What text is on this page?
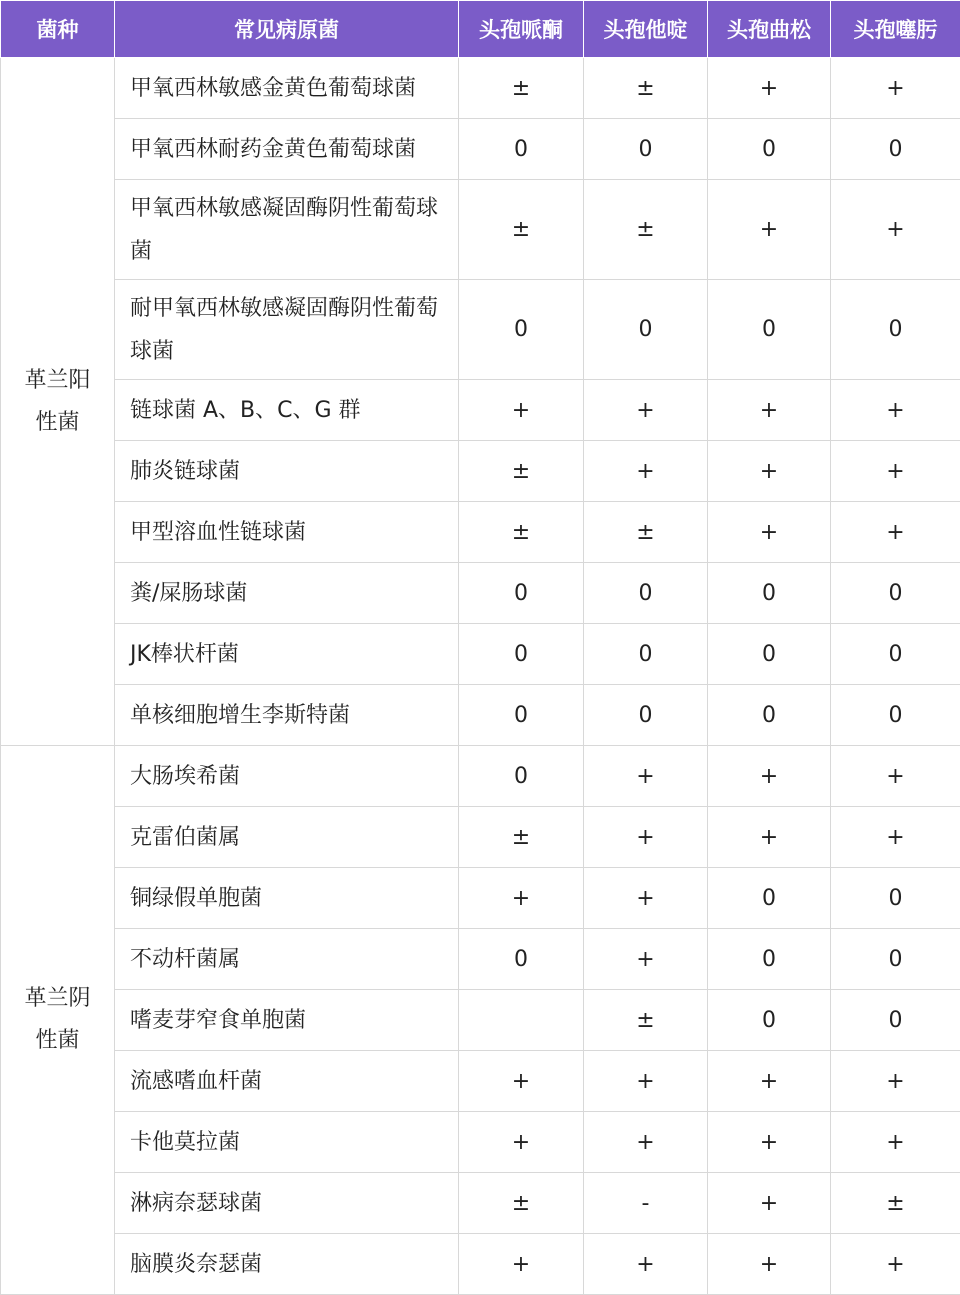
菌种	常见病原菌	头孢哌酮	头孢他啶	头孢曲松	头孢噻肟

革兰阳性菌	甲氧西林敏感金黄色葡萄球菌	±	±	+	+
	甲氧西林耐药金黄色葡萄球菌	0	0	0	0
	甲氧西林敏感凝固酶阴性葡萄球菌	±	±	+	+
	耐甲氧西林敏感凝固酶阴性葡萄球菌	0	0	0	0
	链球菌 A、B、C、G 群	+	+	+	+
	肺炎链球菌	±	+	+	+
	甲型溶血性链球菌	±	±	+	+
	粪/屎肠球菌	0	0	0	0
	JK棒状杆菌	0	0	0	0
	单核细胞增生李斯特菌	0	0	0	0

革兰阴性菌	大肠埃希菌	0	+	+	+
	克雷伯菌属	±	+	+	+
	铜绿假单胞菌	+	+	0	0
	不动杆菌属	0	+	0	0
	嗜麦芽窄食单胞菌		±	0	0
	流感嗜血杆菌	+	+	+	+
	卡他莫拉菌	+	+	+	+
	淋病奈瑟球菌	±	-	+	±
	脑膜炎奈瑟菌	+	+	+	+
